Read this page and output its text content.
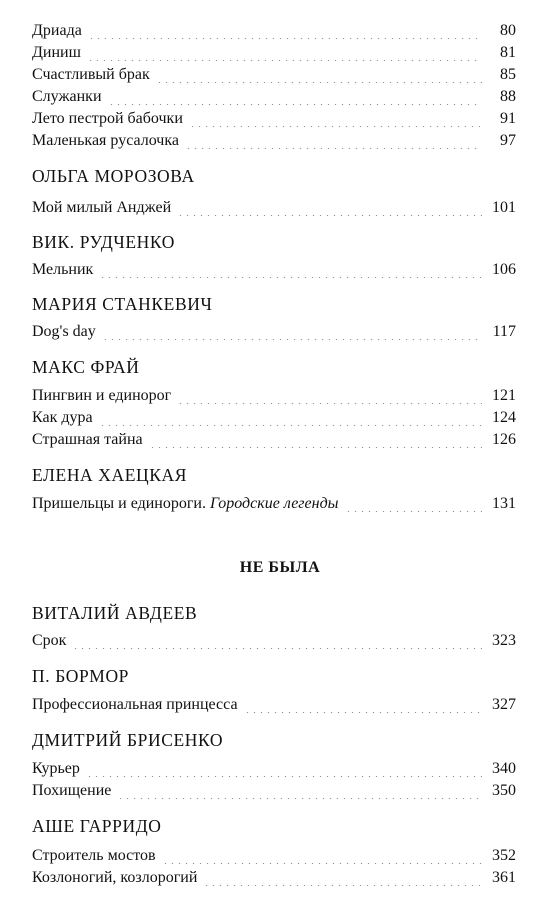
Дриада	80
Диниш	81
Счастливый брак	85
Служанки	88
Лето пестрой бабочки	91
Маленькая русалочка	97
ОЛЬГА МОРОЗОВА
Мой милый Анджей	101
ВИК. РУДЧЕНКО
Мельник	106
МАРИЯ СТАНКЕВИЧ
Dog's day	117
МАКС ФРАЙ
Пингвин и единорог	121
Как дура	124
Страшная тайна	126
ЕЛЕНА ХАЕЦКАЯ
Пришельцы и единороги. Городские легенды	131
НЕ БЫЛА
ВИТАЛИЙ АВДЕЕВ
Срок	323
П. БОРМОР
Профессиональная принцесса	327
ДМИТРИЙ БРИСЕНКО
Курьер	340
Похищение	350
АШЕ ГАРРИДО
Строитель мостов	352
Козлоногий, козлорогий	361
